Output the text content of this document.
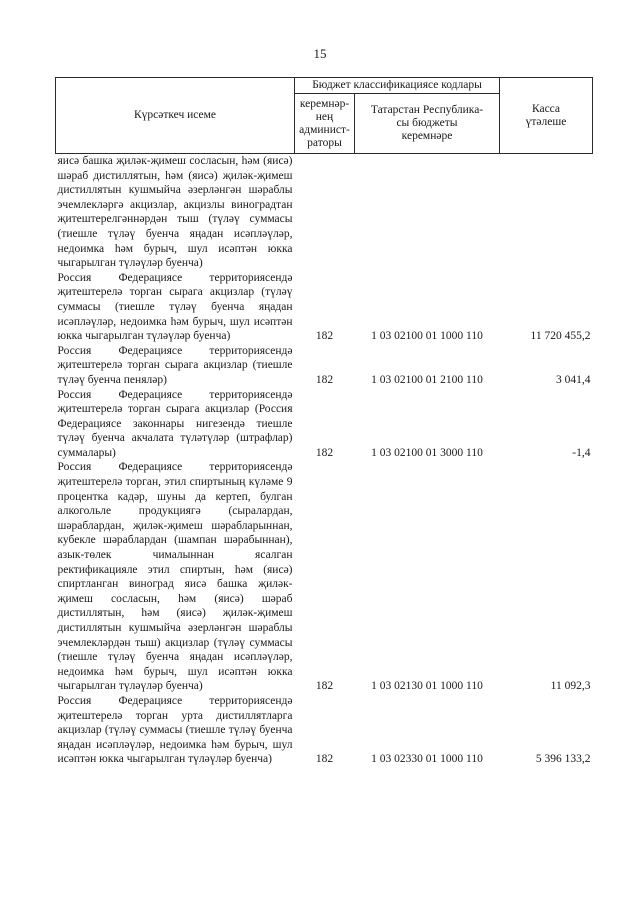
15
Күрсәткеч исеме	Бюджет классификациясе кодлары		Касса
үтәлеше
	керемнәр-
нең
админист-
раторы	Татарстан Республика-
сы бюджеты
керемнәре	
яисә башка җиләк-җимеш сосласын, һәм (яисә) шәраб дистиллятын, һәм (яисә) җиләк-җимеш дистиллятын кушмыйча әзерләнгән шәраблы эчемлекләргә акцизлар, акцизлы виноградтан җитештерелгәннәрдән тыш (түләү суммасы (тиешле түләү буенча яңадан исәпләүләр, недоимка һәм бурыч, шул исәптән юкка чыгарылган түләүләр буенча)			
Россия Федерациясе территориясендә җитештерелә торган сырага акцизлар (түләү суммасы (тиешле түләү буенча яңадан исәпләүләр, недоимка һәм бурыч, шул исәптән юкка чыгарылган түләүләр буенча)	182	1 03 02100 01 1000 110	11 720 455,2
Россия Федерациясе территориясендә җитештерелә торган сырага акцизлар (тиешле түләү буенча пеняләр)	182	1 03 02100 01 2100 110	3 041,4
Россия Федерациясе территориясендә җитештерелә торган сырага акцизлар (Россия Федерациясе законнары нигезендә тиешле түләү буенча акчалата түләтүләр (штрафлар) суммалары)	182	1 03 02100 01 3000 110	-1,4
Россия Федерациясе территориясендә җитештерелә торган, этил спиртының күләме 9 процентка кадәр, шуны да кертеп, булган алкогольле продукциягә (сыралардан, шәраблардан, җиләк-җимеш шәрабларыннан, кубекле шәраблардан (шампан шәрабыннан), азык-төлек чималыннан ясалган ректификацияле этил спиртын, һәм (яисә) спиртланган виноград яисә башка җиләк-җимеш сосласын, һәм (яисә) шәраб дистиллятын, һәм (яисә) җиләк-җимеш дистиллятын кушмыйча әзерләнгән шәраблы эчемлекләрдән тыш) акцизлар (түләү суммасы (тиешле түләү буенча яңадан исәпләүләр, недоимка һәм бурыч, шул исәптән юкка чыгарылган түләүләр буенча)	182	1 03 02130 01 1000 110	11 092,3
Россия Федерациясе территориясендә җитештерелә торган урта дистиллятларга акцизлар (түләү суммасы (тиешле түләү буенча яңадан исәпләүләр, недоимка һәм бурыч, шул исәптән юкка чыгарылган түләүләр буенча)	182	1 03 02330 01 1000 110	5 396 133,2
